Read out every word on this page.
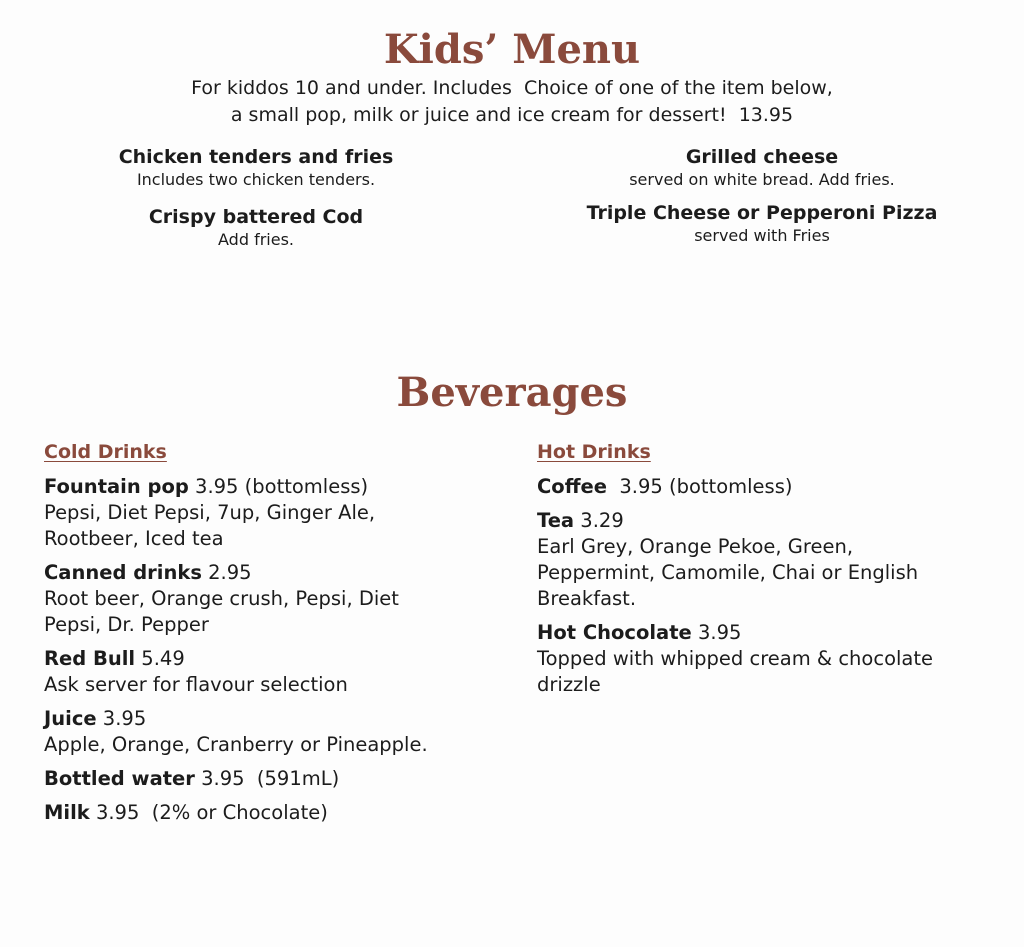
Kids’ Menu
For kiddos 10 and under. Includes  Choice of one of the item below,
a small pop, milk or juice and ice cream for dessert!  13.95
Chicken tenders and fries
Includes two chicken tenders.
Crispy battered Cod
Add fries.
Grilled cheese
served on white bread. Add fries.
Triple Cheese or Pepperoni Pizza
served with Fries
Beverages
Cold Drinks
Fountain pop 3.95 (bottomless)
Pepsi, Diet Pepsi, 7up, Ginger Ale,
Rootbeer, Iced tea
Canned drinks 2.95
Root beer, Orange crush, Pepsi, Diet
Pepsi, Dr. Pepper
Red Bull 5.49
Ask server for flavour selection
Juice 3.95
Apple, Orange, Cranberry or Pineapple.
Bottled water 3.95  (591mL)
Milk 3.95  (2% or Chocolate)
Hot Drinks
Coffee  3.95 (bottomless)
Tea 3.29
Earl Grey, Orange Pekoe, Green,
Peppermint, Camomile, Chai or English
Breakfast.
Hot Chocolate 3.95
Topped with whipped cream & chocolate
drizzle
